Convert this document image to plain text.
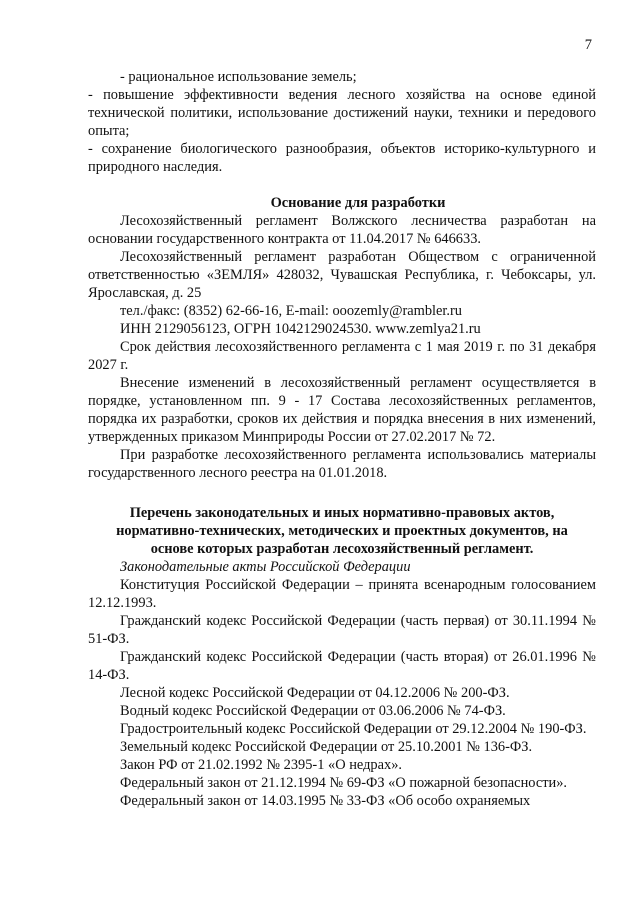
7

- рациональное использование земель;

- повышение эффективности ведения лесного хозяйства на основе единой технической политики, использование достижений науки, техники и передового опыта;

- сохранение биологического разнообразия, объектов историко-культурного и природного наследия.

Основание для разработки

Лесохозяйственный регламент Волжского лесничества разработан на основании государственного контракта от 11.04.2017 № 646633.

Лесохозяйственный регламент разработан Обществом с ограниченной ответственностью «ЗЕМЛЯ» 428032, Чувашская Республика, г. Чебоксары, ул. Ярославская, д. 25

тел./факс: (8352) 62-66-16, E-mail: ooozemly@rambler.ru

ИНН 2129056123, ОГРН 1042129024530. www.zemlya21.ru

Срок действия лесохозяйственного регламента с 1 мая 2019 г. по 31 декабря 2027 г.

Внесение изменений в лесохозяйственный регламент осуществляется в порядке, установленном пп. 9 - 17 Состава лесохозяйственных регламентов, порядка их разработки, сроков их действия и порядка внесения в них изменений, утвержденных приказом Минприроды России от 27.02.2017 № 72.

При разработке лесохозяйственного регламента использовались материалы государственного лесного реестра на 01.01.2018.

Перечень законодательных и иных нормативно-правовых актов,
нормативно-технических, методических и проектных документов, на
основе которых разработан лесохозяйственный регламент.

Законодательные акты Российской Федерации

Конституция Российской Федерации – принята всенародным голосованием 12.12.1993.

Гражданский кодекс Российской Федерации (часть первая) от 30.11.1994 № 51-ФЗ.

Гражданский кодекс Российской Федерации (часть вторая) от 26.01.1996 № 14-ФЗ.

Лесной кодекс Российской Федерации от 04.12.2006 № 200-ФЗ.

Водный кодекс Российской Федерации от 03.06.2006 № 74-ФЗ.

Градостроительный кодекс Российской Федерации от 29.12.2004 № 190-ФЗ.

Земельный кодекс Российской Федерации от 25.10.2001 № 136-ФЗ.

Закон РФ от 21.02.1992 № 2395-1 «О недрах».

Федеральный закон от 21.12.1994 № 69-ФЗ «О пожарной безопасности».

Федеральный закон от 14.03.1995 № 33-ФЗ «Об особо охраняемых
